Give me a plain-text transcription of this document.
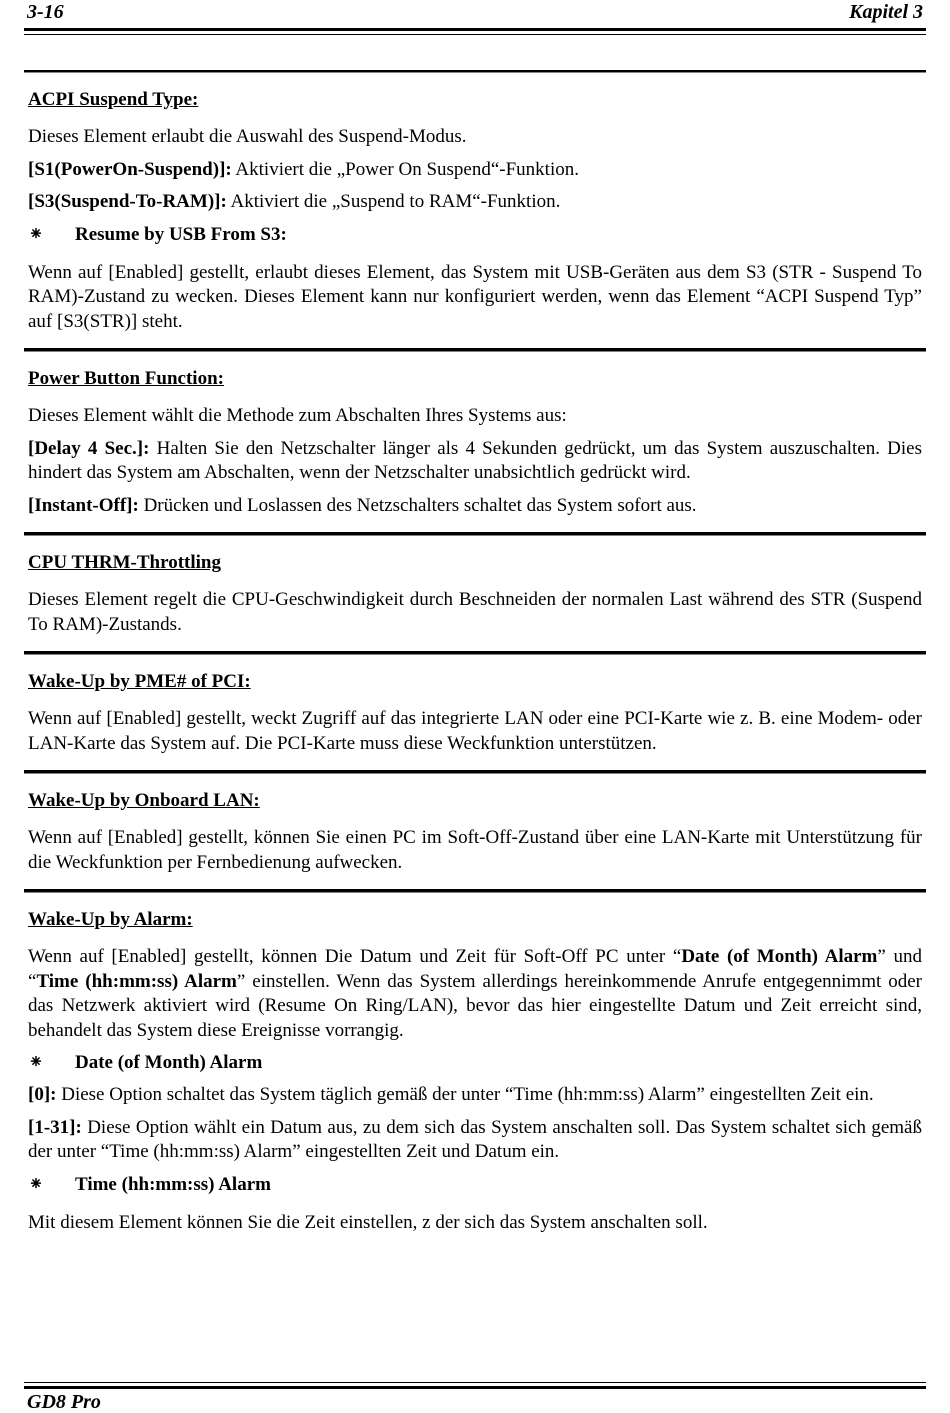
3-16	Kapitel 3
ACPI Suspend Type:

Dieses Element erlaubt die Auswahl des Suspend-Modus.

[S1(PowerOn-Suspend)]: Aktiviert die „Power On Suspend“-Funktion.

[S3(Suspend-To-RAM)]: Aktiviert die „Suspend to RAM“-Funktion.

⁕ Resume by USB From S3:

Wenn auf [Enabled] gestellt, erlaubt dieses Element, das System mit USB-Geräten aus dem S3 (STR - Suspend To RAM)-Zustand zu wecken. Dieses Element kann nur konfiguriert werden, wenn das Element “ACPI Suspend Typ” auf [S3(STR)] steht.

Power Button Function:

Dieses Element wählt die Methode zum Abschalten Ihres Systems aus:

[Delay 4 Sec.]: Halten Sie den Netzschalter länger als 4 Sekunden gedrückt, um das System auszuschalten. Dies hindert das System am Abschalten, wenn der Netzschalter unabsichtlich gedrückt wird.

[Instant-Off]: Drücken und Loslassen des Netzschalters schaltet das System sofort aus.

CPU THRM-Throttling

Dieses Element regelt die CPU-Geschwindigkeit durch Beschneiden der normalen Last während des STR (Suspend To RAM)-Zustands.

Wake-Up by PME# of PCI:

Wenn auf [Enabled] gestellt, weckt Zugriff auf das integrierte LAN oder eine PCI-Karte wie z. B. eine Modem- oder LAN-Karte das System auf. Die PCI-Karte muss diese Weckfunktion unterstützen.

Wake-Up by Onboard LAN:

Wenn auf [Enabled] gestellt, können Sie einen PC im Soft-Off-Zustand über eine LAN-Karte mit Unterstützung für die Weckfunktion per Fernbedienung aufwecken.

Wake-Up by Alarm:

Wenn auf [Enabled] gestellt, können Die Datum und Zeit für Soft-Off PC unter “Date (of Month) Alarm” und “Time (hh:mm:ss) Alarm” einstellen. Wenn das System allerdings hereinkommende Anrufe entgegennimmt oder das Netzwerk aktiviert wird (Resume On Ring/LAN), bevor das hier eingestellte Datum und Zeit erreicht sind, behandelt das System diese Ereignisse vorrangig.

⁕ Date (of Month) Alarm

[0]: Diese Option schaltet das System täglich gemäß der unter “Time (hh:mm:ss) Alarm” eingestellten Zeit ein.

[1-31]: Diese Option wählt ein Datum aus, zu dem sich das System anschalten soll. Das System schaltet sich gemäß der unter “Time (hh:mm:ss) Alarm” eingestellten Zeit und Datum ein.

⁕ Time (hh:mm:ss) Alarm

Mit diesem Element können Sie die Zeit einstellen, z der sich das System anschalten soll.

GD8 Pro
